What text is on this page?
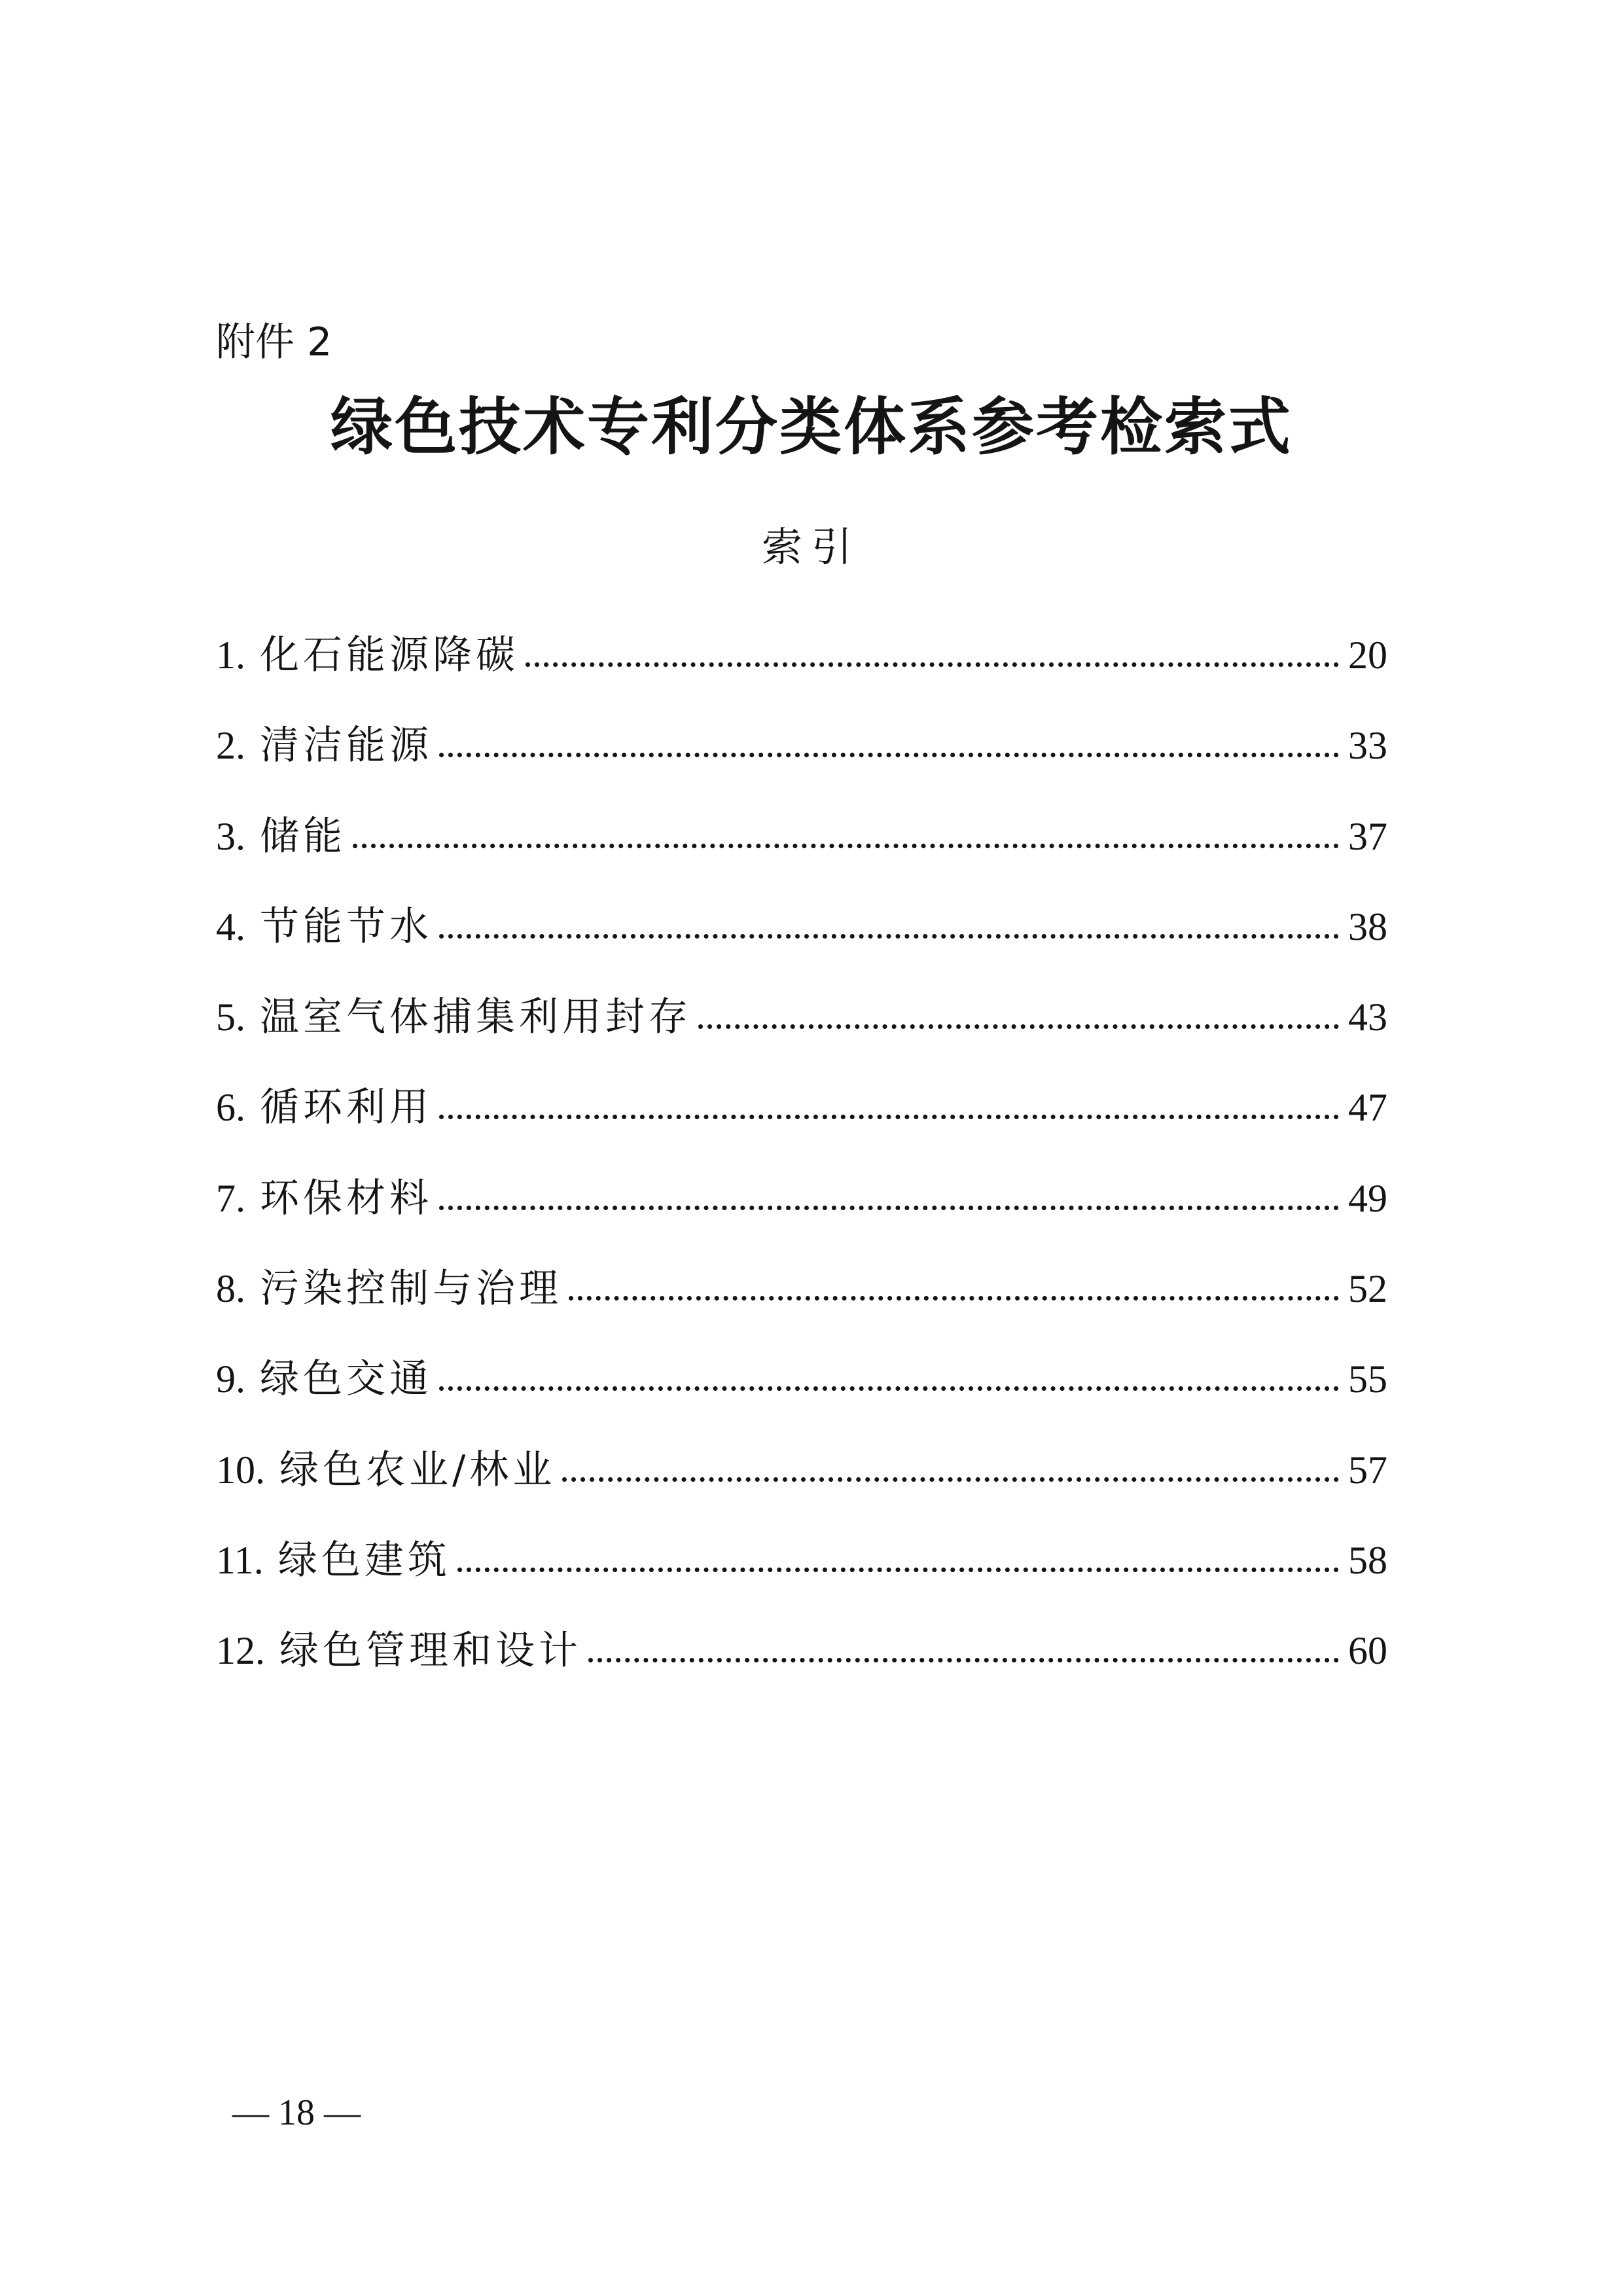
附件 2
绿色技术专利分类体系参考检索式
索引
1. 化石能源降碳	20
2. 清洁能源	33
3. 储能	37
4. 节能节水	38
5. 温室气体捕集利用封存	43
6. 循环利用	47
7. 环保材料	49
8. 污染控制与治理	52
9. 绿色交通	55
10. 绿色农业/林业	57
11. 绿色建筑	58
12. 绿色管理和设计	60
— 18 —
